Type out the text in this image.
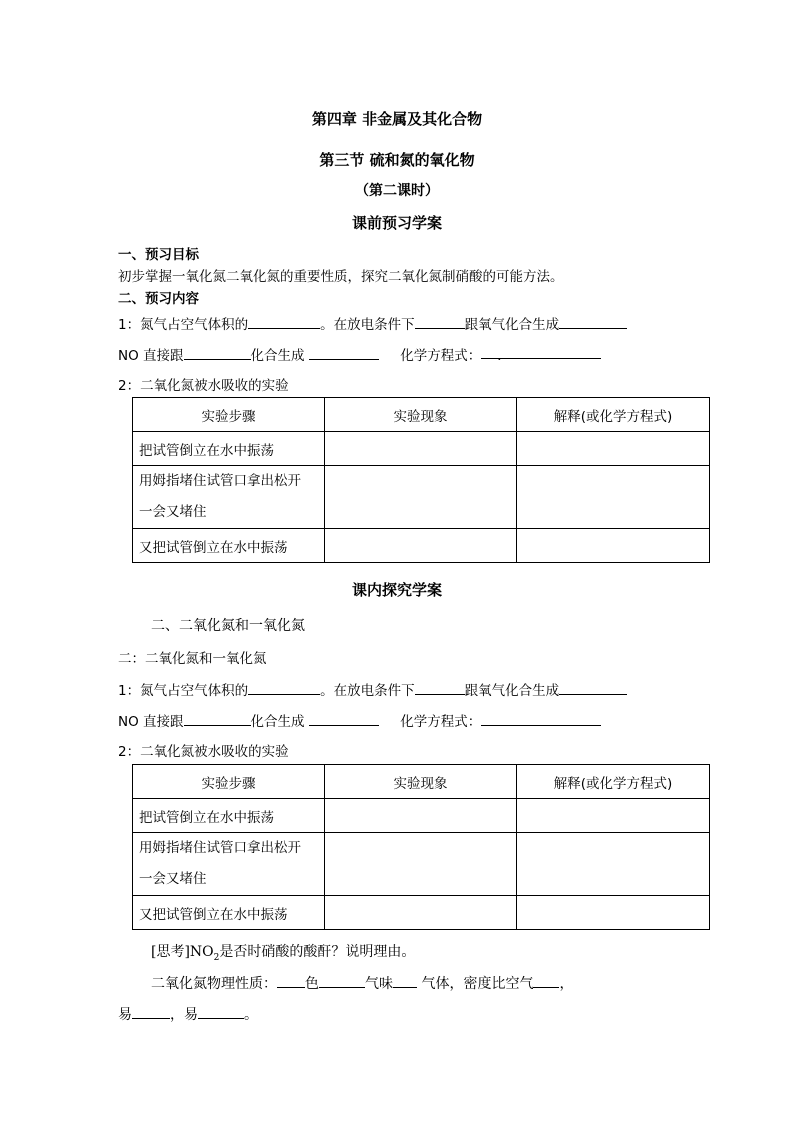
第四章 非金属及其化合物
第三节 硫和氮的氧化物
（第二课时）
课前预习学案
一、预习目标
初步掌握一氧化氮二氧化氮的重要性质，探究二氧化氮制硝酸的可能方法。
二、预习内容
1：氮气占空气体积的	。在放电条件下	跟氧气化合生成
NO 直接跟	化合生成	化学方程式： ．
2：二氧化氮被水吸收的实验
实验步骤	实验现象	解释(或化学方程式)
把试管倒立在水中振荡		

用姆指堵住试管口拿出松开
一会又堵住		

又把试管倒立在水中振荡		
课内探究学案
二、二氧化氮和一氧化氮
二：二氧化氮和一氧化氮
1：氮气占空气体积的	。在放电条件下	跟氧气化合生成
NO 直接跟	化合生成	化学方程式：
2：二氧化氮被水吸收的实验
实验步骤	实验现象	解释(或化学方程式)
把试管倒立在水中振荡		

用姆指堵住试管口拿出松开
一会又堵住		

又把试管倒立在水中振荡		
[思考]$NO_2$是否时硝酸的酸酐？说明理由。
二氧化氮物理性质： 色	气味 气体，密度比空气 ，
易	，易	。
